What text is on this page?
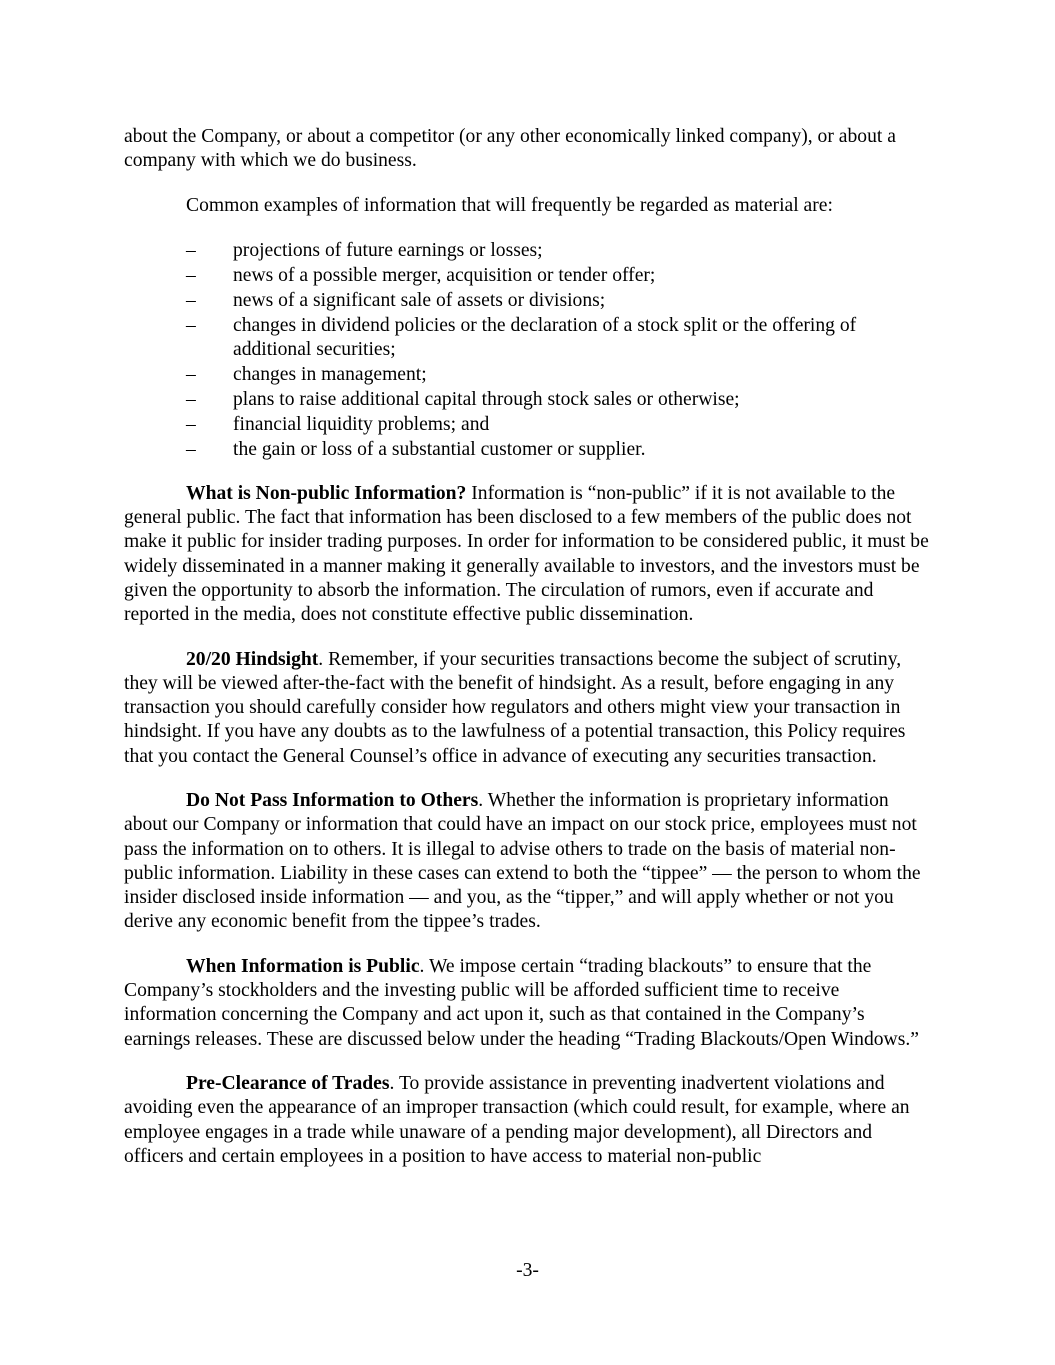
about the Company, or about a competitor (or any other economically linked company), or about a company with which we do business.

Common examples of information that will frequently be regarded as material are:

– projections of future earnings or losses;
– news of a possible merger, acquisition or tender offer;
– news of a significant sale of assets or divisions;
– changes in dividend policies or the declaration of a stock split or the offering of additional securities;
– changes in management;
– plans to raise additional capital through stock sales or otherwise;
– financial liquidity problems; and
– the gain or loss of a substantial customer or supplier.

What is Non-public Information? Information is “non-public” if it is not available to the general public. The fact that information has been disclosed to a few members of the public does not make it public for insider trading purposes. In order for information to be considered public, it must be widely disseminated in a manner making it generally available to investors, and the investors must be given the opportunity to absorb the information. The circulation of rumors, even if accurate and reported in the media, does not constitute effective public dissemination.

20/20 Hindsight. Remember, if your securities transactions become the subject of scrutiny, they will be viewed after-the-fact with the benefit of hindsight. As a result, before engaging in any transaction you should carefully consider how regulators and others might view your transaction in hindsight. If you have any doubts as to the lawfulness of a potential transaction, this Policy requires that you contact the General Counsel’s office in advance of executing any securities transaction.

Do Not Pass Information to Others. Whether the information is proprietary information about our Company or information that could have an impact on our stock price, employees must not pass the information on to others. It is illegal to advise others to trade on the basis of material non-public information. Liability in these cases can extend to both the “tippee” — the person to whom the insider disclosed inside information — and you, as the “tipper,” and will apply whether or not you derive any economic benefit from the tippee’s trades.

When Information is Public. We impose certain “trading blackouts” to ensure that the Company’s stockholders and the investing public will be afforded sufficient time to receive information concerning the Company and act upon it, such as that contained in the Company’s earnings releases. These are discussed below under the heading “Trading Blackouts/Open Windows.”

Pre-Clearance of Trades. To provide assistance in preventing inadvertent violations and avoiding even the appearance of an improper transaction (which could result, for example, where an employee engages in a trade while unaware of a pending major development), all Directors and officers and certain employees in a position to have access to material non-public

-3-
